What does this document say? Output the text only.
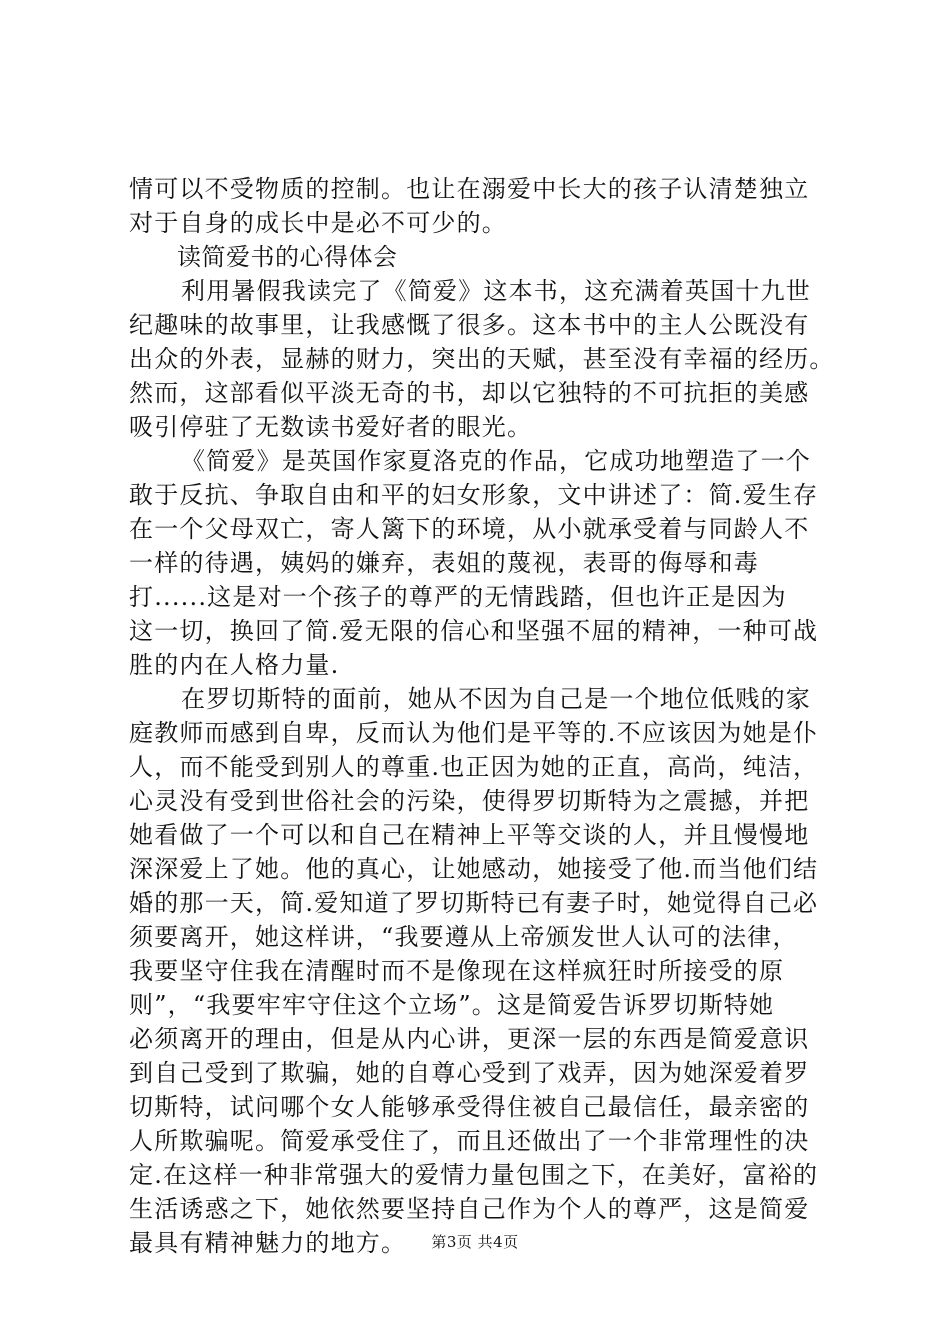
情可以不受物质的控制。也让在溺爱中长大的孩子认清楚独立
对于自身的成长中是必不可少的。
读简爱书的心得体会
利用暑假我读完了《简爱》这本书，这充满着英国十九世
纪趣味的故事里，让我感慨了很多。这本书中的主人公既没有
出众的外表，显赫的财力，突出的天赋，甚至没有幸福的经历。
然而，这部看似平淡无奇的书，却以它独特的不可抗拒的美感
吸引停驻了无数读书爱好者的眼光。
《简爱》是英国作家夏洛克的作品，它成功地塑造了一个
敢于反抗、争取自由和平的妇女形象，文中讲述了：简.爱生存
在一个父母双亡，寄人篱下的环境，从小就承受着与同龄人不
一样的待遇，姨妈的嫌弃，表姐的蔑视，表哥的侮辱和毒
打......这是对一个孩子的尊严的无情践踏，但也许正是因为
这一切，换回了简.爱无限的信心和坚强不屈的精神，一种可战
胜的内在人格力量.
在罗切斯特的面前，她从不因为自己是一个地位低贱的家
庭教师而感到自卑，反而认为他们是平等的.不应该因为她是仆
人，而不能受到别人的尊重.也正因为她的正直，高尚，纯洁，
心灵没有受到世俗社会的污染，使得罗切斯特为之震撼，并把
她看做了一个可以和自己在精神上平等交谈的人，并且慢慢地
深深爱上了她。他的真心，让她感动，她接受了他.而当他们结
婚的那一天，简.爱知道了罗切斯特已有妻子时，她觉得自己必
须要离开，她这样讲，“我要遵从上帝颁发世人认可的法律，
我要坚守住我在清醒时而不是像现在这样疯狂时所接受的原
则”，“我要牢牢守住这个立场”。这是简爱告诉罗切斯特她
必须离开的理由，但是从内心讲，更深一层的东西是简爱意识
到自己受到了欺骗，她的自尊心受到了戏弄，因为她深爱着罗
切斯特，试问哪个女人能够承受得住被自己最信任，最亲密的
人所欺骗呢。简爱承受住了，而且还做出了一个非常理性的决
定.在这样一种非常强大的爱情力量包围之下，在美好，富裕的
生活诱惑之下，她依然要坚持自己作为个人的尊严，这是简爱
最具有精神魅力的地方。	第3页 共4页
